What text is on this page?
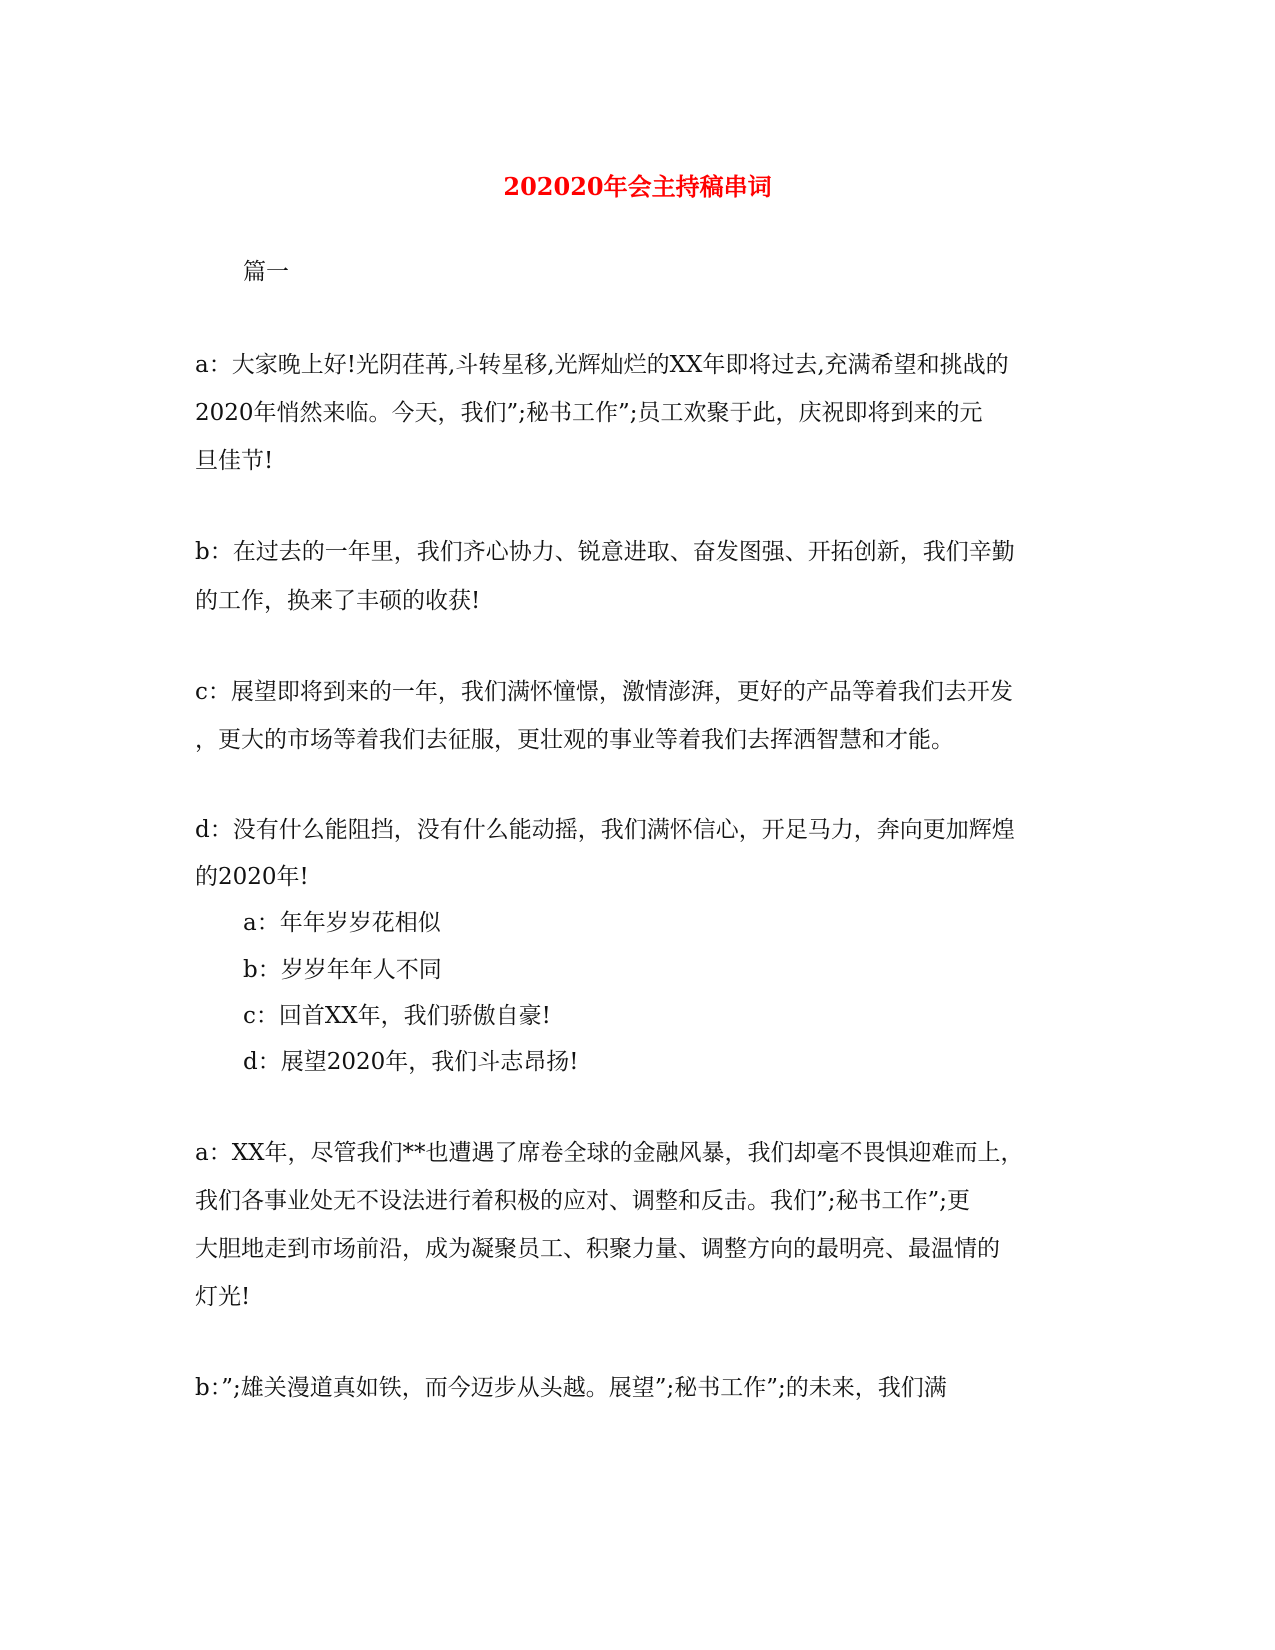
202020年会主持稿串词
篇一
a：大家晚上好!光阴荏苒,斗转星移,光辉灿烂的XX年即将过去,充满希望和挑战的
2020年悄然来临。今天，我们”;秘书工作”;员工欢聚于此，庆祝即将到来的元
旦佳节!
b：在过去的一年里，我们齐心协力、锐意进取、奋发图强、开拓创新，我们辛勤
的工作，换来了丰硕的收获!
c：展望即将到来的一年，我们满怀憧憬，激情澎湃，更好的产品等着我们去开发
，更大的市场等着我们去征服，更壮观的事业等着我们去挥洒智慧和才能。
d：没有什么能阻挡，没有什么能动摇，我们满怀信心，开足马力，奔向更加辉煌
的2020年!
a：年年岁岁花相似
b：岁岁年年人不同
c：回首XX年，我们骄傲自豪!
d：展望2020年，我们斗志昂扬!
a：XX年，尽管我们**也遭遇了席卷全球的金融风暴，我们却毫不畏惧迎难而上，
我们各事业处无不设法进行着积极的应对、调整和反击。我们”;秘书工作”;更
大胆地走到市场前沿，成为凝聚员工、积聚力量、调整方向的最明亮、最温情的
灯光!
b：”;雄关漫道真如铁，而今迈步从头越。展望”;秘书工作”;的未来，我们满
